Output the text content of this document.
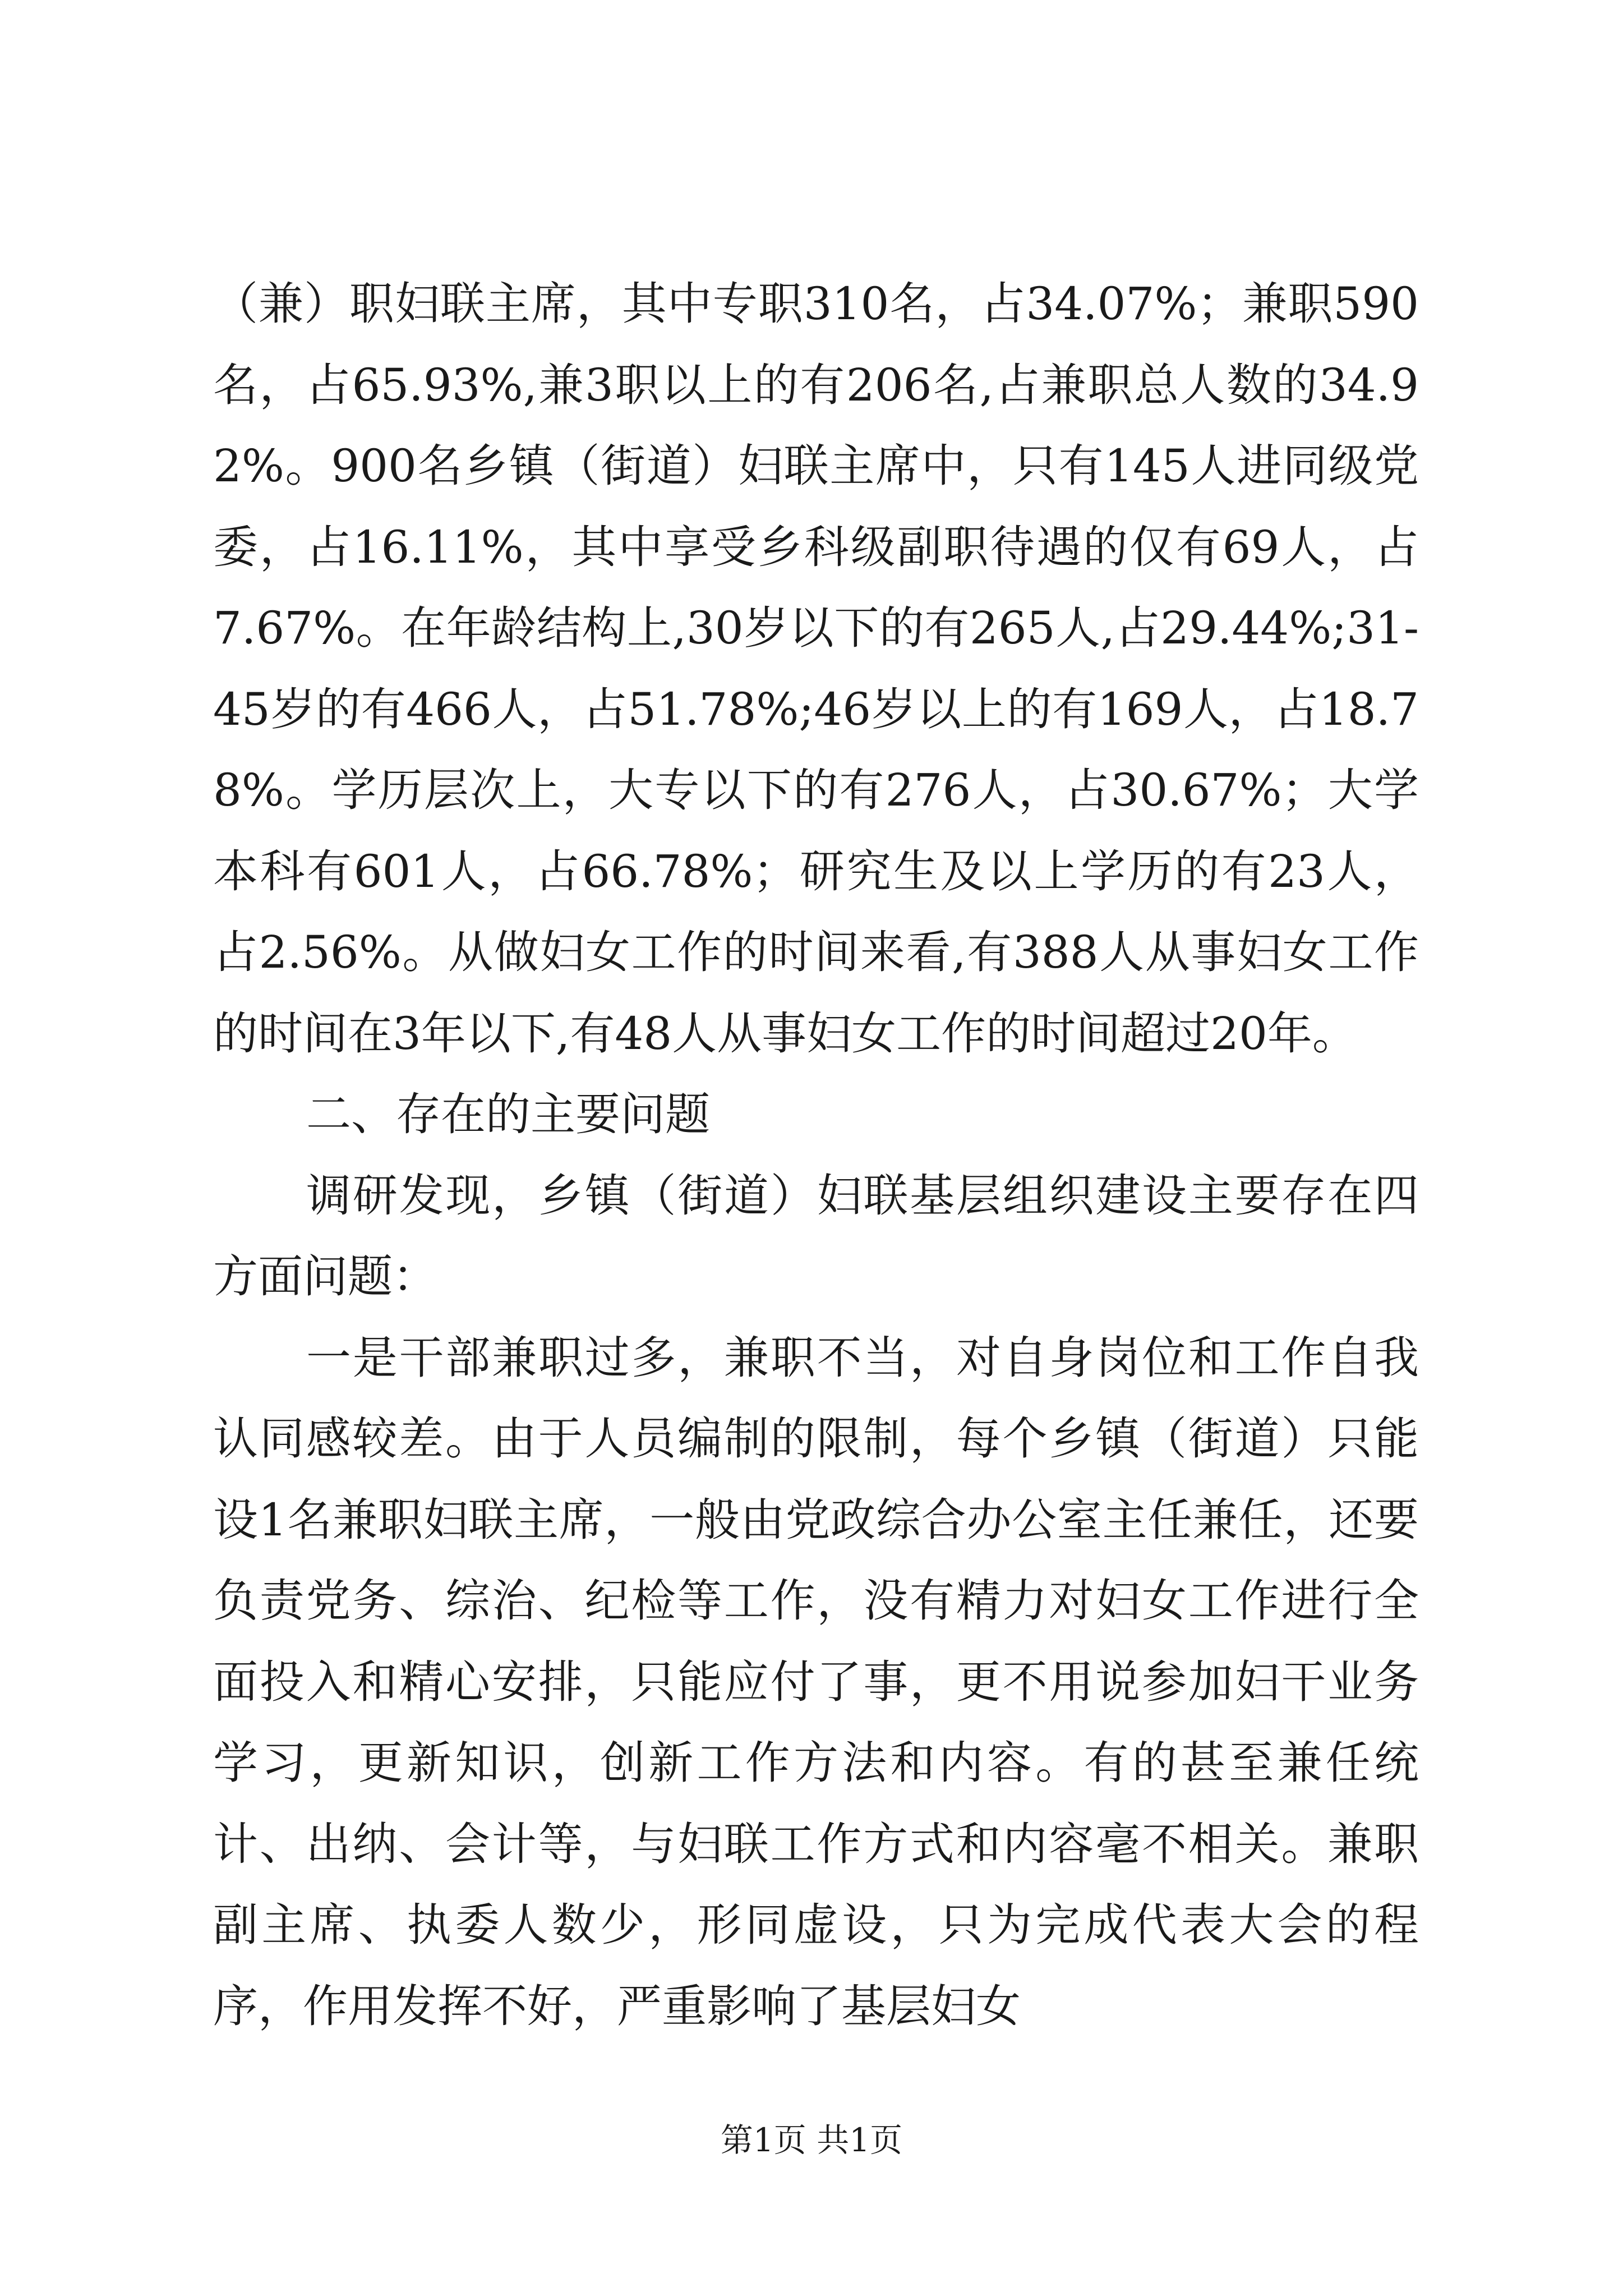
（兼）职妇联主席，其中专职310名，占34.07%；兼职590名，占65.93%,兼3职以上的有206名,占兼职总人数的34.92%。900名乡镇（街道）妇联主席中，只有145人进同级党委，占16.11%，其中享受乡科级副职待遇的仅有69人，占7.67%。在年龄结构上,30岁以下的有265人,占29.44%;31-45岁的有466人，占51.78%;46岁以上的有169人，占18.78%。学历层次上，大专以下的有276人，占30.67%；大学本科有601人，占66.78%；研究生及以上学历的有23人，占2.56%。从做妇女工作的时间来看,有388人从事妇女工作的时间在3年以下,有48人从事妇女工作的时间超过20年。

二、存在的主要问题

调研发现，乡镇（街道）妇联基层组织建设主要存在四方面问题：

一是干部兼职过多，兼职不当，对自身岗位和工作自我认同感较差。由于人员编制的限制，每个乡镇（街道）只能设1名兼职妇联主席，一般由党政综合办公室主任兼任，还要负责党务、综治、纪检等工作，没有精力对妇女工作进行全面投入和精心安排，只能应付了事，更不用说参加妇干业务学习，更新知识，创新工作方法和内容。有的甚至兼任统计、出纳、会计等，与妇联工作方式和内容毫不相关。兼职副主席、执委人数少，形同虚设，只为完成代表大会的程序，作用发挥不好，严重影响了基层妇女

第1页 共1页
